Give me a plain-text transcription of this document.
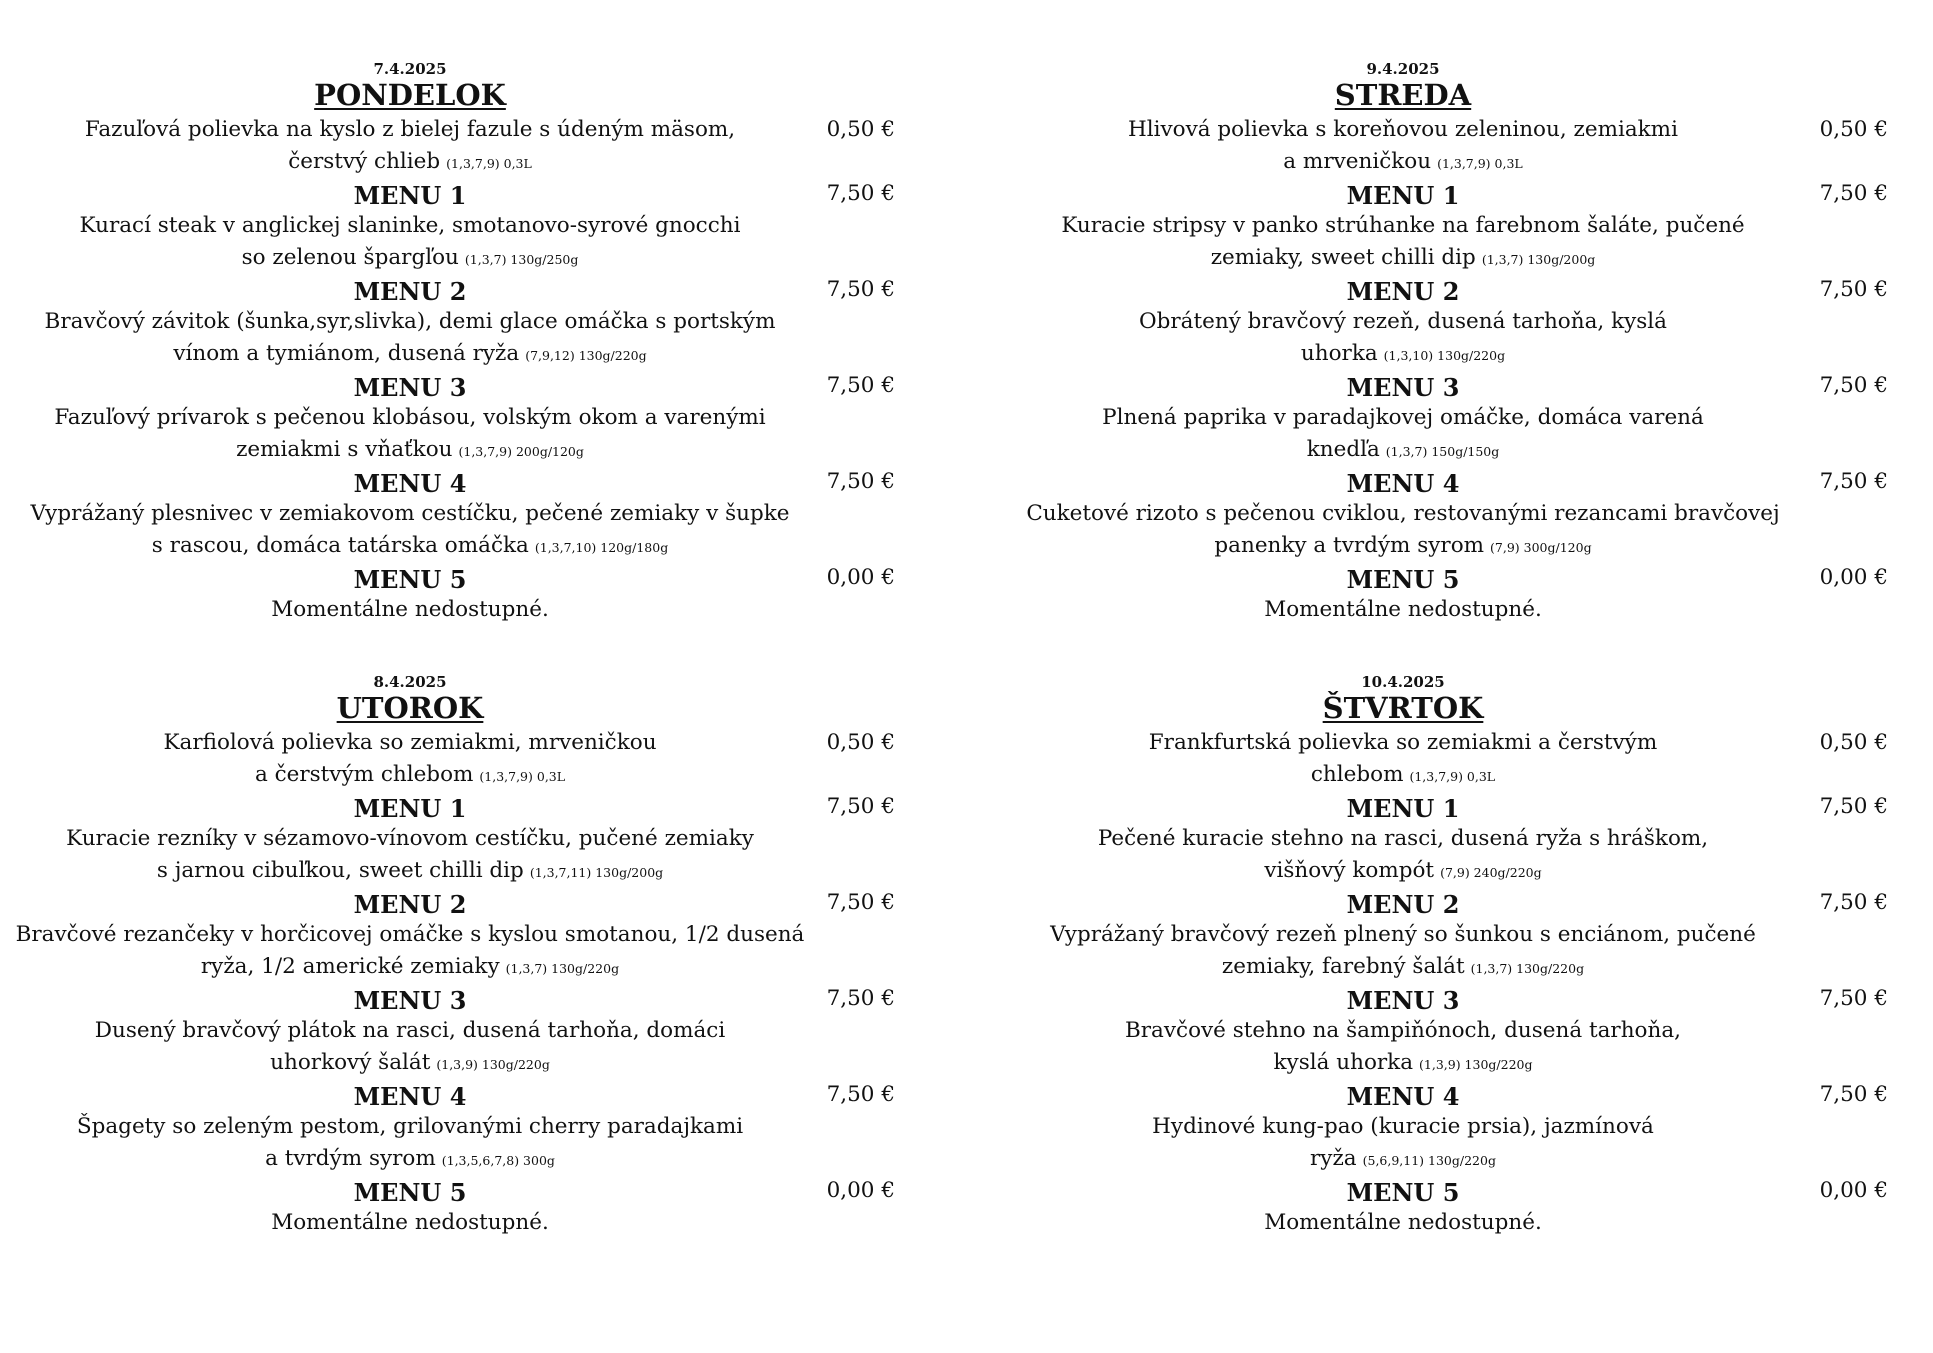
7.4.2025
PONDELOK
Fazuľová polievka na kyslo z bielej fazule s údeným mäsom,
čerstvý chlieb (1,3,7,9) 0,3L
0,50 €
MENU 1
Kurací steak v anglickej slaninke, smotanovo-syrové gnocchi
so zelenou špargľou (1,3,7) 130g/250g
7,50 €
MENU 2
Bravčový závitok (šunka,syr,slivka), demi glace omáčka s portským
vínom a tymiánom, dusená ryža (7,9,12) 130g/220g
7,50 €
MENU 3
Fazuľový prívarok s pečenou klobásou, volským okom a varenými
zemiakmi s vňaťkou (1,3,7,9) 200g/120g
7,50 €
MENU 4
Vyprážaný plesnivec v zemiakovom cestíčku, pečené zemiaky v šupke
s rascou, domáca tatárska omáčka (1,3,7,10) 120g/180g
7,50 €
MENU 5
Momentálne nedostupné.
0,00 €
9.4.2025
STREDA
Hlivová polievka s koreňovou zeleninou, zemiakmi
a mrveničkou (1,3,7,9) 0,3L
0,50 €
MENU 1
Kuracie stripsy v panko strúhanke na farebnom šaláte, pučené
zemiaky, sweet chilli dip (1,3,7) 130g/200g
7,50 €
MENU 2
Obrátený bravčový rezeň, dusená tarhoňa, kyslá
uhorka (1,3,10) 130g/220g
7,50 €
MENU 3
Plnená paprika v paradajkovej omáčke, domáca varená
knedľa (1,3,7) 150g/150g
7,50 €
MENU 4
Cuketové rizoto s pečenou cviklou, restovanými rezancami bravčovej
panenky a tvrdým syrom (7,9) 300g/120g
7,50 €
MENU 5
Momentálne nedostupné.
0,00 €
8.4.2025
UTOROK
Karfiolová polievka so zemiakmi, mrveničkou
a čerstvým chlebom (1,3,7,9) 0,3L
0,50 €
MENU 1
Kuracie rezníky v sézamovo-vínovom cestíčku, pučené zemiaky
s jarnou cibuľkou, sweet chilli dip (1,3,7,11) 130g/200g
7,50 €
MENU 2
Bravčové rezančeky v horčicovej omáčke s kyslou smotanou, 1/2 dusená
ryža, 1/2 americké zemiaky (1,3,7) 130g/220g
7,50 €
MENU 3
Dusený bravčový plátok na rasci, dusená tarhoňa, domáci
uhorkový šalát (1,3,9) 130g/220g
7,50 €
MENU 4
Špagety so zeleným pestom, grilovanými cherry paradajkami
a tvrdým syrom (1,3,5,6,7,8) 300g
7,50 €
MENU 5
Momentálne nedostupné.
0,00 €
10.4.2025
ŠTVRTOK
Frankfurtská polievka so zemiakmi a čerstvým
chlebom (1,3,7,9) 0,3L
0,50 €
MENU 1
Pečené kuracie stehno na rasci, dusená ryža s hráškom,
višňový kompót (7,9) 240g/220g
7,50 €
MENU 2
Vyprážaný bravčový rezeň plnený so šunkou s enciánom, pučené
zemiaky, farebný šalát (1,3,7) 130g/220g
7,50 €
MENU 3
Bravčové stehno na šampiňónoch, dusená tarhoňa,
kyslá uhorka (1,3,9) 130g/220g
7,50 €
MENU 4
Hydinové kung-pao (kuracie prsia), jazmínová
ryža (5,6,9,11) 130g/220g
7,50 €
MENU 5
Momentálne nedostupné.
0,00 €
